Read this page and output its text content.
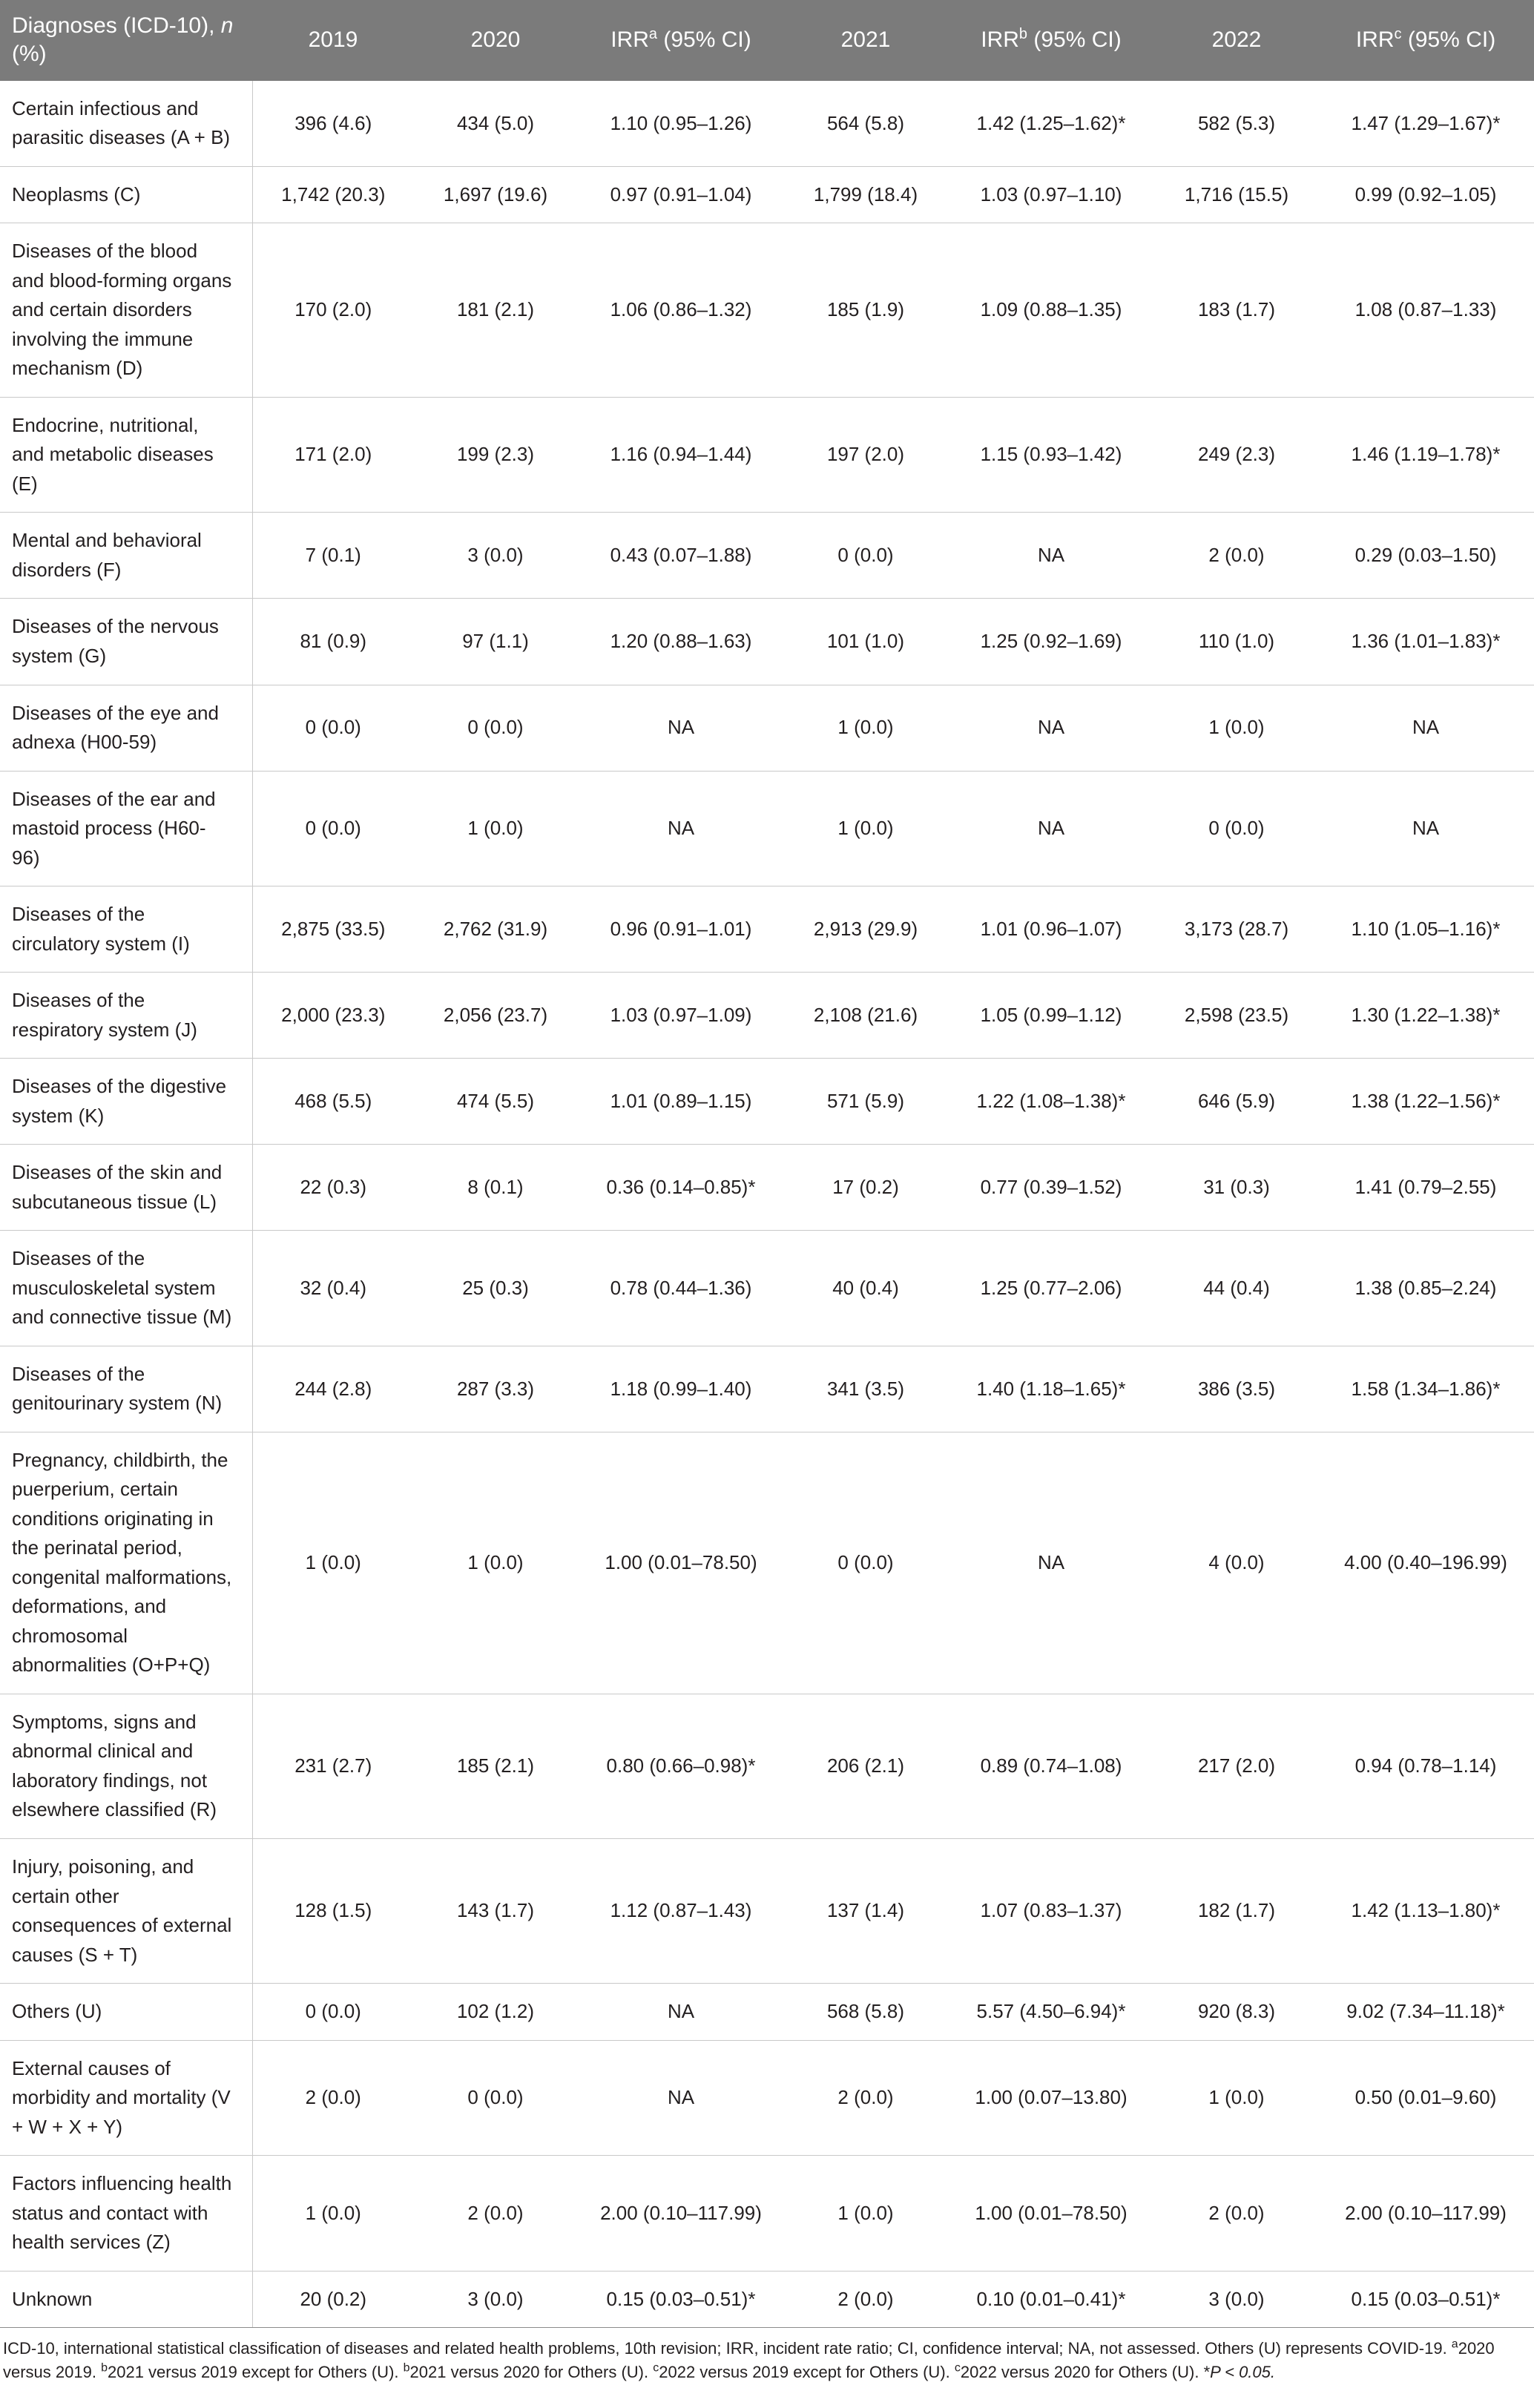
Diagnoses (ICD-10), n (%)	2019	2020	IRR$^a$ (95% CI)	2021	IRR$^b$ (95% CI)	2022	IRR$^c$ (95% CI)
Certain infectious and parasitic diseases (A + B)	396 (4.6)	434 (5.0)	1.10 (0.95–1.26)	564 (5.8)	1.42 (1.25–1.62)*	582 (5.3)	1.47 (1.29–1.67)*
Neoplasms (C)	1,742 (20.3)	1,697 (19.6)	0.97 (0.91–1.04)	1,799 (18.4)	1.03 (0.97–1.10)	1,716 (15.5)	0.99 (0.92–1.05)
Diseases of the blood and blood-forming organs and certain disorders involving the immune mechanism (D)	170 (2.0)	181 (2.1)	1.06 (0.86–1.32)	185 (1.9)	1.09 (0.88–1.35)	183 (1.7)	1.08 (0.87–1.33)
Endocrine, nutritional, and metabolic diseases (E)	171 (2.0)	199 (2.3)	1.16 (0.94–1.44)	197 (2.0)	1.15 (0.93–1.42)	249 (2.3)	1.46 (1.19–1.78)*
Mental and behavioral disorders (F)	7 (0.1)	3 (0.0)	0.43 (0.07–1.88)	0 (0.0)	NA	2 (0.0)	0.29 (0.03–1.50)
Diseases of the nervous system (G)	81 (0.9)	97 (1.1)	1.20 (0.88–1.63)	101 (1.0)	1.25 (0.92–1.69)	110 (1.0)	1.36 (1.01–1.83)*
Diseases of the eye and adnexa (H00-59)	0 (0.0)	0 (0.0)	NA	1 (0.0)	NA	1 (0.0)	NA
Diseases of the ear and mastoid process (H60-96)	0 (0.0)	1 (0.0)	NA	1 (0.0)	NA	0 (0.0)	NA
Diseases of the circulatory system (I)	2,875 (33.5)	2,762 (31.9)	0.96 (0.91–1.01)	2,913 (29.9)	1.01 (0.96–1.07)	3,173 (28.7)	1.10 (1.05–1.16)*
Diseases of the respiratory system (J)	2,000 (23.3)	2,056 (23.7)	1.03 (0.97–1.09)	2,108 (21.6)	1.05 (0.99–1.12)	2,598 (23.5)	1.30 (1.22–1.38)*
Diseases of the digestive system (K)	468 (5.5)	474 (5.5)	1.01 (0.89–1.15)	571 (5.9)	1.22 (1.08–1.38)*	646 (5.9)	1.38 (1.22–1.56)*
Diseases of the skin and subcutaneous tissue (L)	22 (0.3)	8 (0.1)	0.36 (0.14–0.85)*	17 (0.2)	0.77 (0.39–1.52)	31 (0.3)	1.41 (0.79–2.55)
Diseases of the musculoskeletal system and connective tissue (M)	32 (0.4)	25 (0.3)	0.78 (0.44–1.36)	40 (0.4)	1.25 (0.77–2.06)	44 (0.4)	1.38 (0.85–2.24)
Diseases of the genitourinary system (N)	244 (2.8)	287 (3.3)	1.18 (0.99–1.40)	341 (3.5)	1.40 (1.18–1.65)*	386 (3.5)	1.58 (1.34–1.86)*
Pregnancy, childbirth, the puerperium, certain conditions originating in the perinatal period, congenital malformations, deformations, and chromosomal abnormalities (O+P+Q)	1 (0.0)	1 (0.0)	1.00 (0.01–78.50)	0 (0.0)	NA	4 (0.0)	4.00 (0.40–196.99)
Symptoms, signs and abnormal clinical and laboratory findings, not elsewhere classified (R)	231 (2.7)	185 (2.1)	0.80 (0.66–0.98)*	206 (2.1)	0.89 (0.74–1.08)	217 (2.0)	0.94 (0.78–1.14)
Injury, poisoning, and certain other consequences of external causes (S + T)	128 (1.5)	143 (1.7)	1.12 (0.87–1.43)	137 (1.4)	1.07 (0.83–1.37)	182 (1.7)	1.42 (1.13–1.80)*
Others (U)	0 (0.0)	102 (1.2)	NA	568 (5.8)	5.57 (4.50–6.94)*	920 (8.3)	9.02 (7.34–11.18)*
External causes of morbidity and mortality (V + W + X + Y)	2 (0.0)	0 (0.0)	NA	2 (0.0)	1.00 (0.07–13.80)	1 (0.0)	0.50 (0.01–9.60)
Factors influencing health status and contact with health services (Z)	1 (0.0)	2 (0.0)	2.00 (0.10–117.99)	1 (0.0)	1.00 (0.01–78.50)	2 (0.0)	2.00 (0.10–117.99)
Unknown	20 (0.2)	3 (0.0)	0.15 (0.03–0.51)*	2 (0.0)	0.10 (0.01–0.41)*	3 (0.0)	0.15 (0.03–0.51)*
ICD-10, international statistical classification of diseases and related health problems, 10th revision; IRR, incident rate ratio; CI, confidence interval; NA, not assessed. Others (U) represents COVID-19. $^a$2020 versus 2019. $^b$2021 versus 2019 except for Others (U). $^b$2021 versus 2020 for Others (U). $^c$2022 versus 2019 except for Others (U). $^c$2022 versus 2020 for Others (U). *P < 0.05.
